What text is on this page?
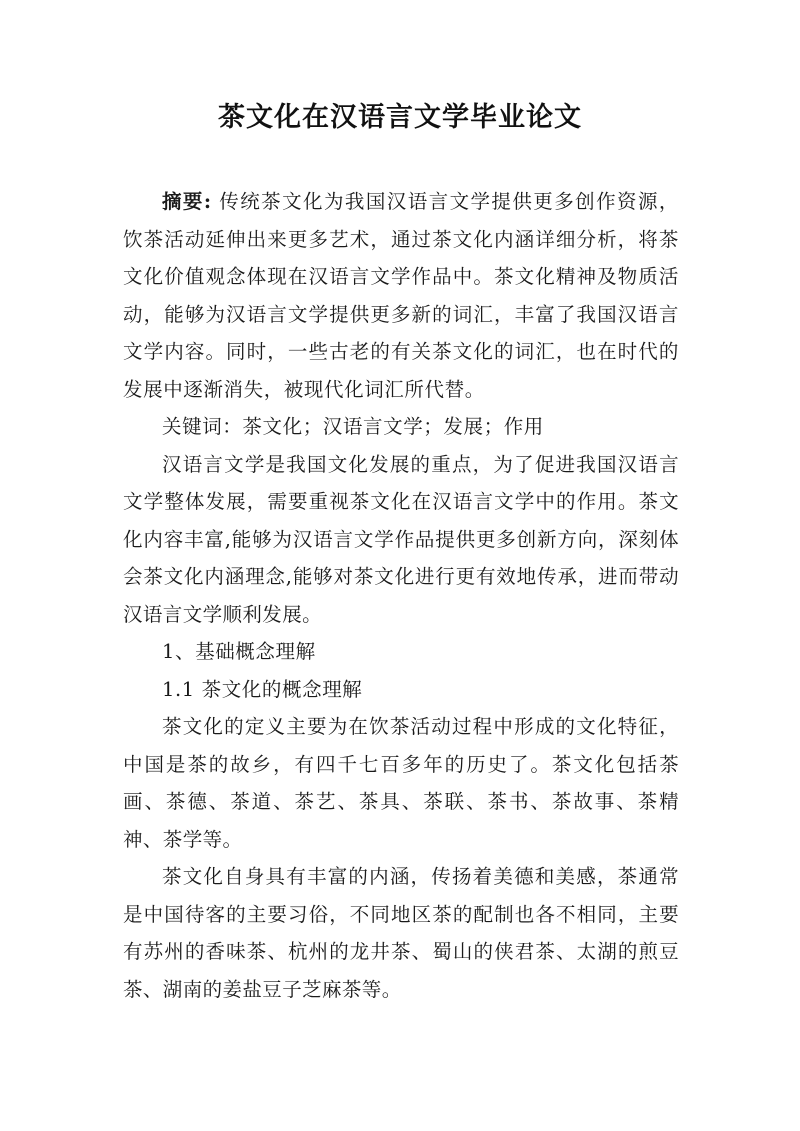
茶文化在汉语言文学毕业论文

摘要: 传统茶文化为我国汉语言文学提供更多创作资源，饮茶活动延伸出来更多艺术，通过茶文化内涵详细分析，将茶文化价值观念体现在汉语言文学作品中。茶文化精神及物质活动，能够为汉语言文学提供更多新的词汇，丰富了我国汉语言文学内容。同时，一些古老的有关茶文化的词汇，也在时代的发展中逐渐消失，被现代化词汇所代替。

关键词：茶文化；汉语言文学；发展；作用

汉语言文学是我国文化发展的重点，为了促进我国汉语言文学整体发展，需要重视茶文化在汉语言文学中的作用。茶文化内容丰富,能够为汉语言文学作品提供更多创新方向，深刻体会茶文化内涵理念,能够对茶文化进行更有效地传承，进而带动汉语言文学顺利发展。

1、基础概念理解

1.1 茶文化的概念理解

茶文化的定义主要为在饮茶活动过程中形成的文化特征，中国是茶的故乡，有四千七百多年的历史了。茶文化包括茶画、茶德、茶道、茶艺、茶具、茶联、茶书、茶故事、茶精神、茶学等。

茶文化自身具有丰富的内涵，传扬着美德和美感，茶通常是中国待客的主要习俗，不同地区茶的配制也各不相同，主要有苏州的香味茶、杭州的龙井茶、蜀山的侠君茶、太湖的煎豆茶、湖南的姜盐豆子芝麻茶等。
